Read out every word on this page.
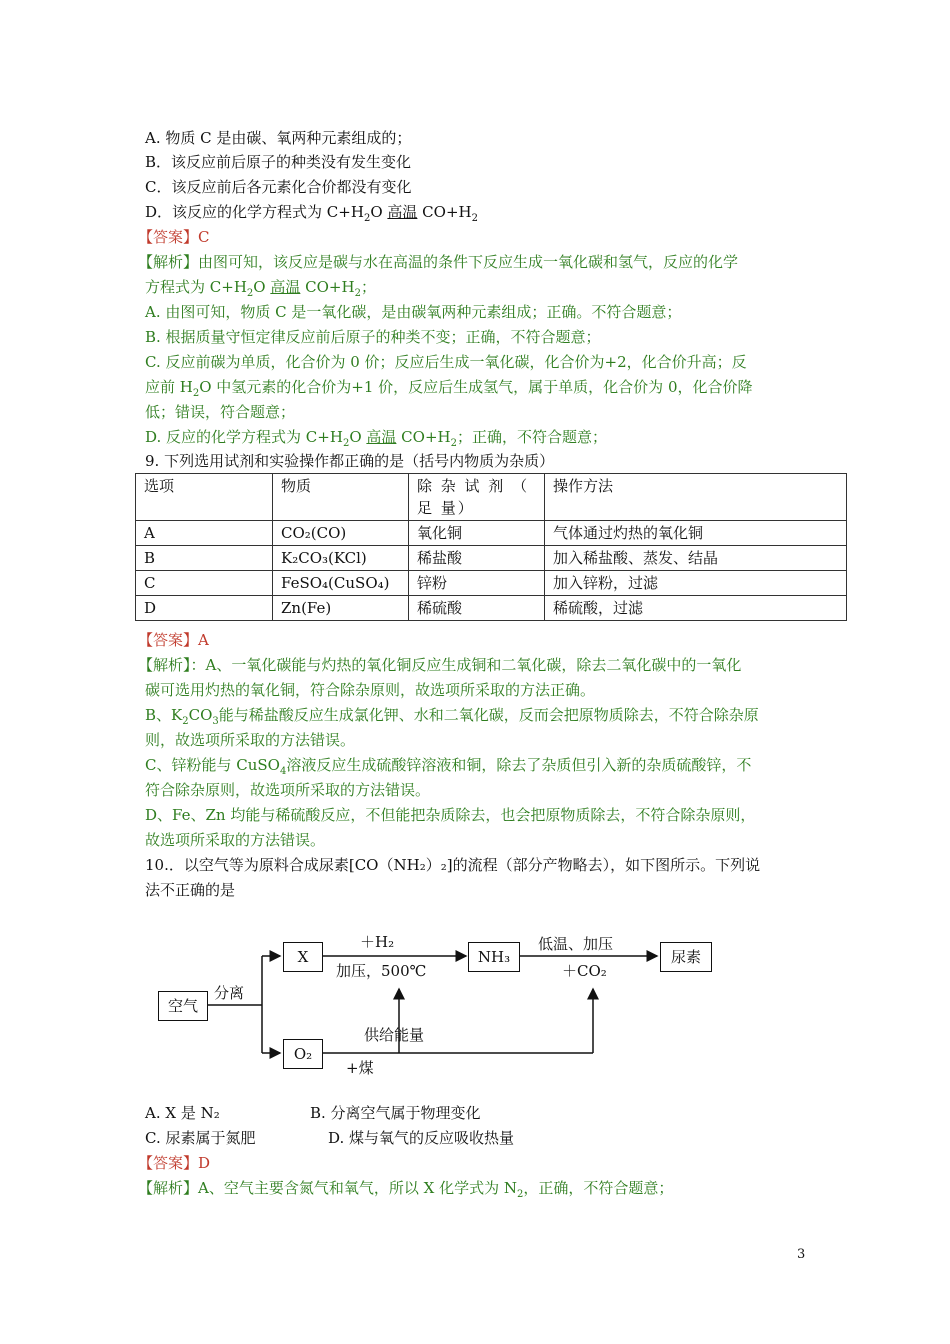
A. 物质 C 是由碳、氧两种元素组成的；
B．该反应前后原子的种类没有发生变化
C．该反应前后各元素化合价都没有变化
D．该反应的化学方程式为 $C+H_2O$ 高温 $CO+H_2$
【答案】C
【解析】由图可知，该反应是碳与水在高温的条件下反应生成一氧化碳和氢气，反应的化学
方程式为 $C+H_2O$ 高温 $CO+H_2$；
A. 由图可知，物质 C 是一氧化碳，是由碳氧两种元素组成；正确。不符合题意；
B. 根据质量守恒定律反应前后原子的种类不变；正确，不符合题意；
C. 反应前碳为单质，化合价为 0 价；反应后生成一氧化碳，化合价为+2，化合价升高；反
应前 $H_2O$ 中氢元素的化合价为+1 价，反应后生成氢气，属于单质，化合价为 0，化合价降
低；错误，符合题意；
D. 反应的化学方程式为 $C+H_2O$ 高温 $CO+H_2$；正确，不符合题意；
9. 下列选用试剂和实验操作都正确的是（括号内物质为杂质）
选项	物质	除 杂 试 剂 （ 足 量）	操作方法
A	CO₂(CO)	氧化铜	气体通过灼热的氧化铜
B	K₂CO₃(KCl)	稀盐酸	加入稀盐酸、蒸发、结晶
C	FeSO₄(CuSO₄)	锌粉	加入锌粉，过滤
D	Zn(Fe)	稀硫酸	稀硫酸，过滤
【答案】A
【解析】：A、一氧化碳能与灼热的氧化铜反应生成铜和二氧化碳，除去二氧化碳中的一氧化
碳可选用灼热的氧化铜，符合除杂原则，故选项所采取的方法正确。
B、$K_2CO_3$能与稀盐酸反应生成氯化钾、水和二氧化碳，反而会把原物质除去，不符合除杂原
则，故选项所采取的方法错误。
C、锌粉能与 CuSO$_4$溶液反应生成硫酸锌溶液和铜，除去了杂质但引入新的杂质硫酸锌，不
符合除杂原则，故选项所采取的方法错误。
D、Fe、Zn 均能与稀硫酸反应，不但能把杂质除去，也会把原物质除去，不符合除杂原则，
故选项所采取的方法错误。
10.．以空气等为原料合成尿素[CO（NH₂）₂]的流程（部分产物略去），如下图所示。下列说
法不正确的是
空气
分离
X
＋H₂
加压，500℃
NH₃
低温、加压
＋CO₂
尿素
O₂
供给能量
+煤
A. X 是 N₂	B. 分离空气属于物理变化
C. 尿素属于氮肥	D. 煤与氧气的反应吸收热量
【答案】D
【解析】A、空气主要含氮气和氧气，所以 X 化学式为 $N_2$，正确，不符合题意；
3
